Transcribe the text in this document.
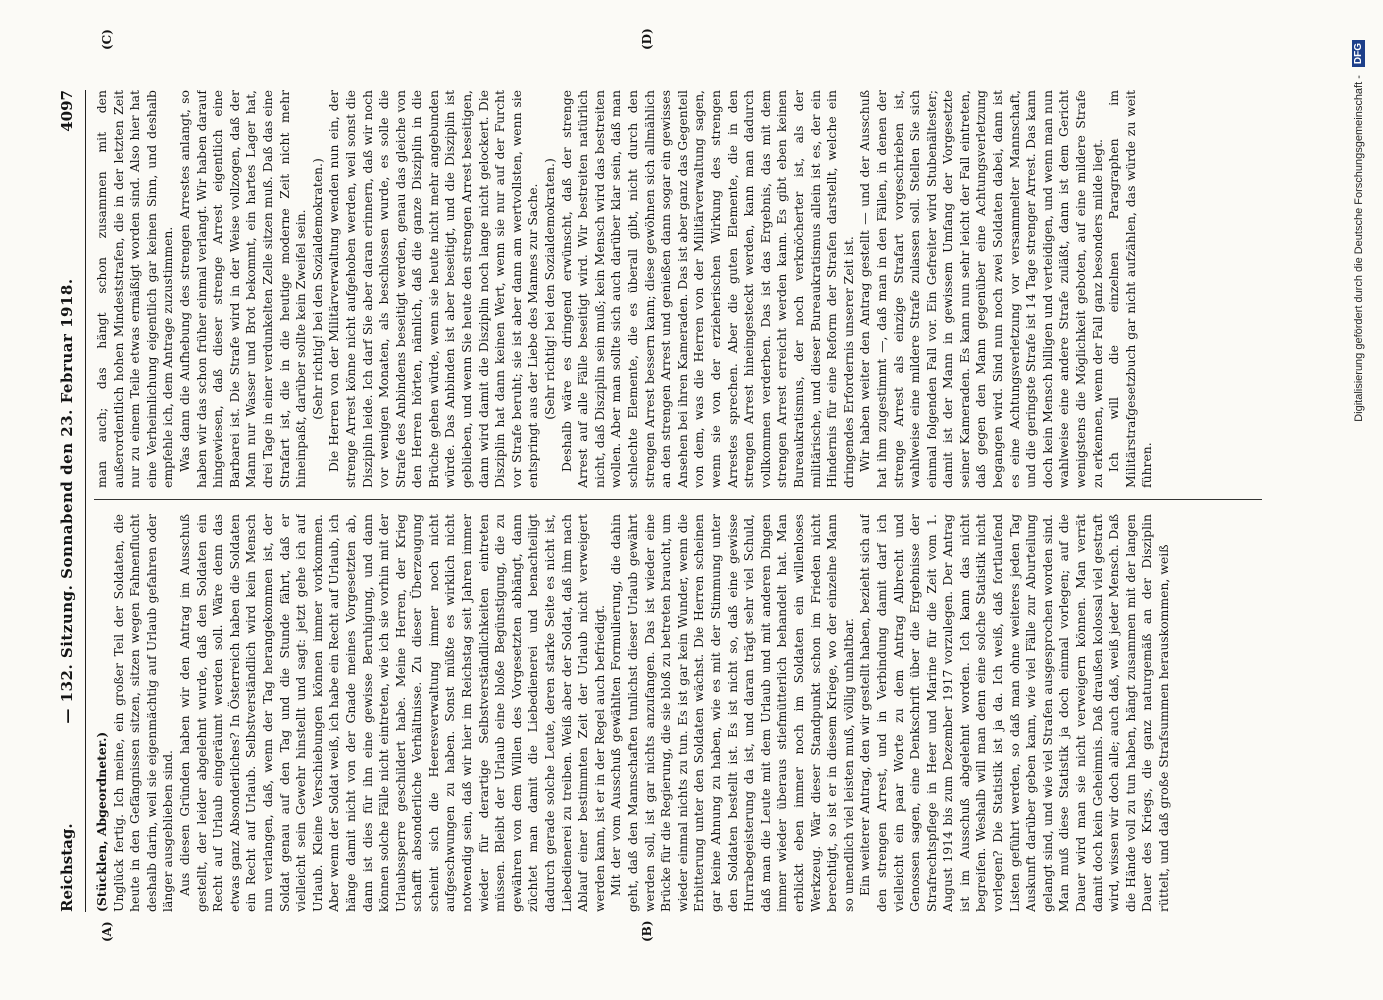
Reichstag.
— 132. Sitzung. Sonnabend den 23. Februar 1918.
4097
(A)	(B)
(C)	(D)

(Stücklen, Abgeordneter.) Unglück fertig. Ich meine, ein großer Teil der Soldaten, die heute in den Gefängnissen sitzen, sitzen wegen Fahnenflucht deshalb darin, weil sie eigenmächtig auf Urlaub gefahren oder länger ausgeblieben sind. Aus diesen Gründen haben wir den Antrag im Ausschuß gestellt, der leider abgelehnt wurde, daß den Soldaten ein Recht auf Urlaub eingeräumt werden soll. Wäre denn das etwas ganz Absonderliches? In Österreich haben die Soldaten ein Recht auf Urlaub. Selbstverständlich wird kein Mensch nun verlangen, daß, wenn der Tag herangekommen ist, der Soldat genau auf den Tag und die Stunde fährt, daß er vielleicht sein Gewehr hinstellt und sagt: jetzt gehe ich auf Urlaub. Kleine Verschiebungen können immer vorkommen. Aber wenn der Soldat weiß, ich habe ein Recht auf Urlaub, ich hänge damit nicht von der Gnade meines Vorgesetzten ab, dann ist dies für ihn eine gewisse Beruhigung, und dann können solche Fälle nicht eintreten, wie ich sie vorhin mit der Urlaubssperre geschildert habe. Meine Herren, der Krieg schafft absonderliche Verhältnisse. Zu dieser Überzeugung scheint sich die Heeresverwaltung immer noch nicht aufgeschwungen zu haben. Sonst müßte es wirklich nicht notwendig sein, daß wir hier im Reichstag seit Jahren immer wieder für derartige Selbstverständlichkeiten eintreten müssen. Bleibt der Urlaub eine bloße Begünstigung, die zu gewähren von dem Willen des Vorgesetzten abhängt, dann züchtet man damit die Liebedienerei und benachteiligt dadurch gerade solche Leute, deren starke Seite es nicht ist, Liebedienerei zu treiben. Weiß aber der Soldat, daß ihm nach Ablauf einer bestimmten Zeit der Urlaub nicht verweigert werden kann, ist er in der Regel auch befriedigt. Mit der vom Ausschuß gewählten Formulierung, die dahin geht, daß den Mannschaften tunlichst dieser Urlaub gewährt werden soll, ist gar nichts anzufangen. Das ist wieder eine Brücke für die Regierung, die sie bloß zu betreten braucht, um wieder einmal nichts zu tun. Es ist gar kein Wunder, wenn die Erbitterung unter den Soldaten wächst. Die Herren scheinen gar keine Ahnung zu haben, wie es mit der Stimmung unter den Soldaten bestellt ist. Es ist nicht so, daß eine gewisse Hurrabegeisterung da ist, und daran trägt sehr viel Schuld, daß man die Leute mit dem Urlaub und mit anderen Dingen immer wieder überaus stiefmütterlich behandelt hat. Man erblickt eben immer noch im Soldaten ein willenloses Werkzeug. Wär dieser Standpunkt schon im Frieden nicht berechtigt, so ist er in diesem Kriege, wo der einzelne Mann so unendlich viel leisten muß, völlig unhaltbar. Ein weiterer Antrag, den wir gestellt haben, bezieht sich auf den strengen Arrest, und in Verbindung damit darf ich vielleicht ein paar Worte zu dem Antrag Albrecht und Genossen sagen, eine Denkschrift über die Ergebnisse der Strafrechtspflege in Heer und Marine für die Zeit vom 1. August 1914 bis zum Dezember 1917 vorzulegen. Der Antrag ist im Ausschuß abgelehnt worden. Ich kann das nicht begreifen. Weshalb will man denn eine solche Statistik nicht vorlegen? Die Statistik ist ja da. Ich weiß, daß fortlaufend Listen geführt werden, so daß man ohne weiteres jeden Tag Auskunft darüber geben kann, wie viel Fälle zur Aburteilung gelangt sind, und wie viel Strafen ausgesprochen worden sind. Man muß diese Statistik ja doch einmal vorlegen; auf die Dauer wird man sie nicht verweigern können. Man verrät damit doch kein Geheimnis. Daß draußen kolossal viel gestraft wird, wissen wir doch alle; auch daß, weiß jeder Mensch. Daß die Hände voll zu tun haben, hängt zusammen mit der langen Dauer des Kriegs, die ganz naturgemäß an der Disziplin rüttelt, und daß große Strafsummen herauskommen, weiß

man auch; das hängt schon zusammen mit den außerordentlich hohen Mindeststrafen, die in der letzten Zeit nur zu einem Teile etwas ermäßigt worden sind. Also hier hat eine Verheimlichung eigentlich gar keinen Sinn, und deshalb empfehle ich, dem Antrage zuzustimmen. Was dann die Aufhebung des strengen Arrestes anlangt, so haben wir das schon früher einmal verlangt. Wir haben darauf hingewiesen, daß dieser strenge Arrest eigentlich eine Barbarei ist. Die Strafe wird in der Weise vollzogen, daß der Mann nur Wasser und Brot bekommt, ein hartes Lager hat, drei Tage in einer verdunkelten Zelle sitzen muß. Daß das eine Strafart ist, die in die heutige moderne Zeit nicht mehr hineinpaßt, darüber sollte kein Zweifel sein. (Sehr richtig! bei den Sozialdemokraten.) Die Herren von der Militärverwaltung wenden nun ein, der strenge Arrest könne nicht aufgehoben werden, weil sonst die Disziplin leide. Ich darf Sie aber daran erinnern, daß wir noch vor wenigen Monaten, als beschlossen wurde, es solle die Strafe des Anbindens beseitigt werden, genau das gleiche von den Herren hörten, nämlich, daß die ganze Disziplin in die Brüche gehen würde, wenn sie heute nicht mehr angebunden würde. Das Anbinden ist aber beseitigt, und die Disziplin ist geblieben, und wenn Sie heute den strengen Arrest beseitigen, dann wird damit die Disziplin noch lange nicht gelockert. Die Disziplin hat dann keinen Wert, wenn sie nur auf der Furcht vor Strafe beruht; sie ist aber dann am wertvollsten, wenn sie entspringt aus der Liebe des Mannes zur Sache. (Sehr richtig! bei den Sozialdemokraten.) Deshalb wäre es dringend erwünscht, daß der strenge Arrest auf alle Fälle beseitigt wird. Wir bestreiten natürlich nicht, daß Disziplin sein muß; kein Mensch wird das bestreiten wollen. Aber man sollte sich auch darüber klar sein, daß man schlechte Elemente, die es überall gibt, nicht durch den strengen Arrest bessern kann; diese gewöhnen sich allmählich an den strengen Arrest und genießen dann sogar ein gewisses Ansehen bei ihren Kameraden. Das ist aber ganz das Gegenteil von dem, was die Herren von der Militärverwaltung sagen, wenn sie von der erzieherischen Wirkung des strengen Arrestes sprechen. Aber die guten Elemente, die in den strengen Arrest hineingesteckt werden, kann man dadurch vollkommen verderben. Das ist das Ergebnis, das mit dem strengen Arrest erreicht werden kann. Es gibt eben keinen Bureaukratismus, der noch verknöcherter ist, als der militärische, und dieser Bureaukratismus allein ist es, der ein Hindernis für eine Reform der Strafen darstellt, welche ein dringendes Erfordernis unserer Zeit ist. Wir haben weiter den Antrag gestellt — und der Ausschuß hat ihm zugestimmt —, daß man in den Fällen, in denen der strenge Arrest als einzige Strafart vorgeschrieben ist, wahlweise eine mildere Strafe zulassen soll. Stellen Sie sich einmal folgenden Fall vor. Ein Gefreiter wird Stubenältester; damit ist der Mann in gewissem Umfang der Vorgesetzte seiner Kameraden. Es kann nun sehr leicht der Fall eintreten, daß gegen den Mann gegenüber eine Achtungsverletzung begangen wird. Sind nun noch zwei Soldaten dabei, dann ist es eine Achtungsverletzung vor versammelter Mannschaft, und die geringste Strafe ist 14 Tage strenger Arrest. Das kann doch kein Mensch billigen und verteidigen, und wenn man nun wahlweise eine andere Strafe zuläßt, dann ist dem Gericht wenigstens die Möglichkeit geboten, auf eine mildere Strafe zu erkennen, wenn der Fall ganz besonders milde liegt. Ich will die einzelnen Paragraphen im Militärstrafgesetzbuch gar nicht aufzählen, das würde zu weit führen.

Digitalisierung gefördert durch die Deutsche Forschungsgemeinschaft -
DFG
